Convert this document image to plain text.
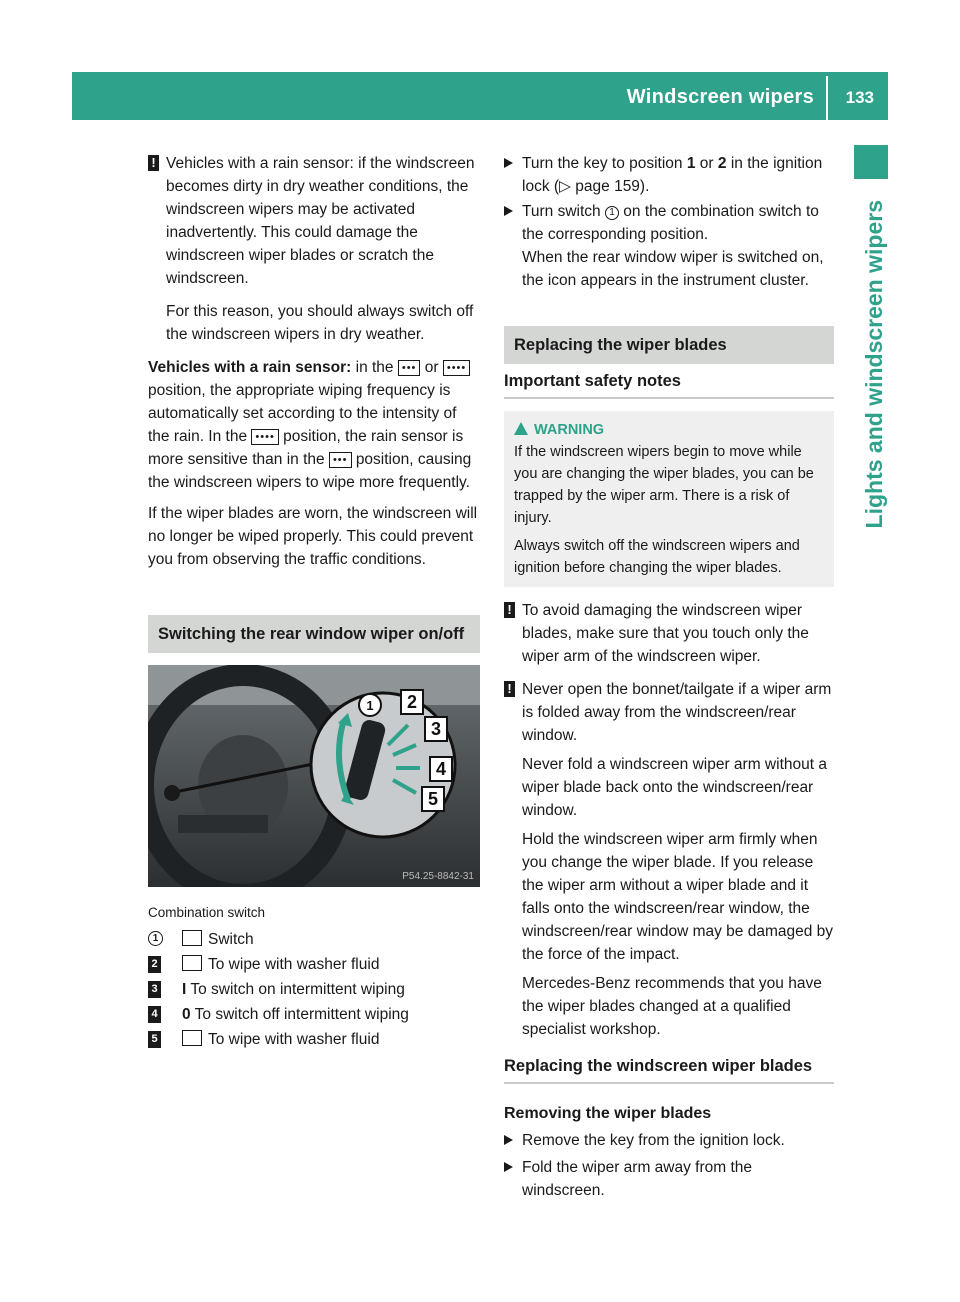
Windscreen wipers 133
Lights and windscreen wipers
! Vehicles with a rain sensor: if the windscreen becomes dirty in dry weather conditions, the windscreen wipers may be activated inadvertently. This could damage the windscreen wiper blades or scratch the windscreen.
For this reason, you should always switch off the windscreen wipers in dry weather.
Vehicles with a rain sensor: in the ••• or •••• position, the appropriate wiping frequency is automatically set according to the intensity of the rain. In the •••• position, the rain sensor is more sensitive than in the ••• position, causing the windscreen wipers to wipe more frequently.
If the wiper blades are worn, the windscreen will no longer be wiped properly. This could prevent you from observing the traffic conditions.
Switching the rear window wiper on/off
1 2
3
4
5
P54.25-8842-31
Combination switch
1	Switch
2	To wipe with washer fluid
3 I To switch on intermittent wiping
4 0 To switch off intermittent wiping
5	To wipe with washer fluid
Turn the key to position 1 or 2 in the ignition lock (▷ page 159).
Turn switch 1 on the combination switch to the corresponding position.
When the rear window wiper is switched on, the icon appears in the instrument cluster.
Replacing the wiper blades
Important safety notes
WARNING
If the windscreen wipers begin to move while you are changing the wiper blades, you can be trapped by the wiper arm. There is a risk of injury.
Always switch off the windscreen wipers and ignition before changing the wiper blades.
! To avoid damaging the windscreen wiper blades, make sure that you touch only the wiper arm of the windscreen wiper.
! Never open the bonnet/tailgate if a wiper arm is folded away from the windscreen/rear window.
Never fold a windscreen wiper arm without a wiper blade back onto the windscreen/rear window.
Hold the windscreen wiper arm firmly when you change the wiper blade. If you release the wiper arm without a wiper blade and it falls onto the windscreen/rear window, the windscreen/rear window may be damaged by the force of the impact.
Mercedes-Benz recommends that you have the wiper blades changed at a qualified specialist workshop.
Replacing the windscreen wiper blades
Removing the wiper blades
Remove the key from the ignition lock.
Fold the wiper arm away from the windscreen.
